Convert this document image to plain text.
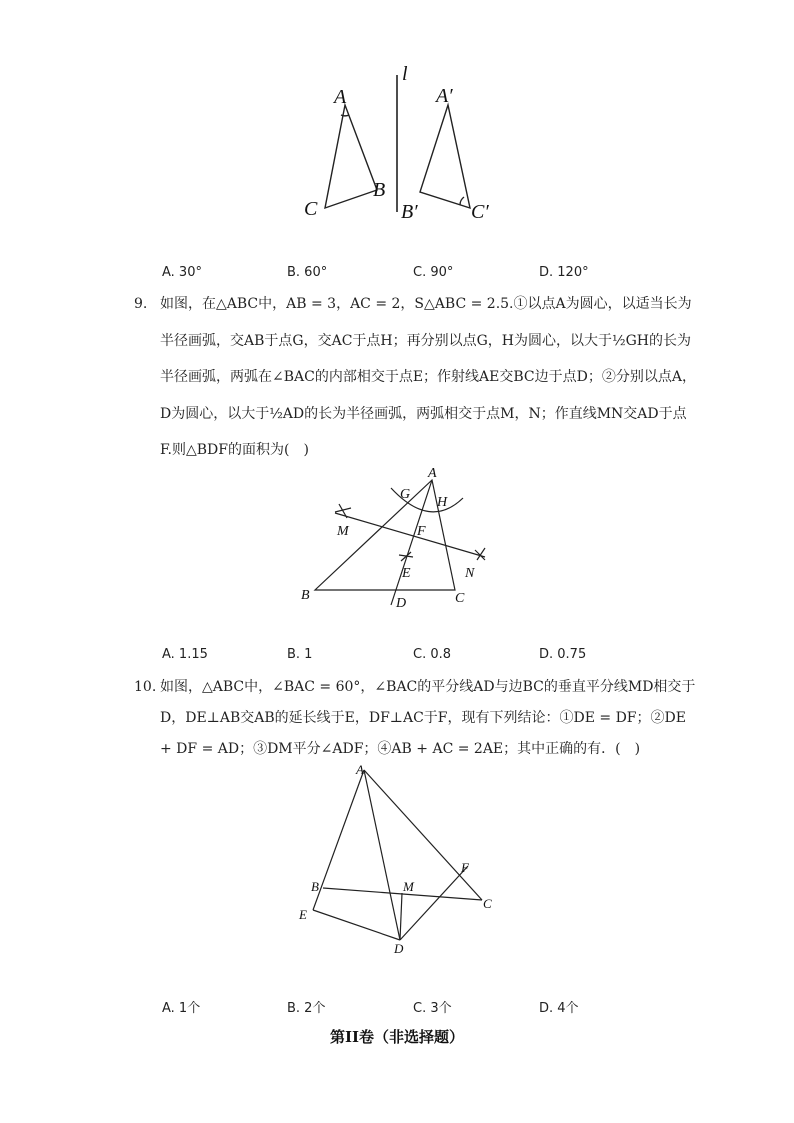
A
B
C
l
A′
B′	C′
A. 30°	B. 60°	C. 90°	D. 120°
9. 如图，在△ABC中，AB = 3，AC = 2，S△ABC = 2.5.①以点A为圆心，以适当长为
半径画弧，交AB于点G，交AC于点H；再分别以点G，H为圆心，以大于½GH的长为
半径画弧，两弧在∠BAC的内部相交于点E；作射线AE交BC边于点D；②分别以点A，
D为圆心，以大于½AD的长为半径画弧，两弧相交于点M，N；作直线MN交AD于点
F.则△BDF的面积为(　)
A
B	C
D
E
F
G
H
M
N
A. 1.15	B. 1	C. 0.8	D. 0.75
10. 如图，△ABC中，∠BAC = 60°，∠BAC的平分线AD与边BC的垂直平分线MD相交于
D，DE⊥AB交AB的延长线于E，DF⊥AC于F，现有下列结论：①DE = DF；②DE
+ DF = AD；③DM平分∠ADF；④AB + AC = 2AE；其中正确的有．(　)
A
B
C
D
E
F
M
A. 1个	B. 2个	C. 3个	D. 4个
第II卷（非选择题）
